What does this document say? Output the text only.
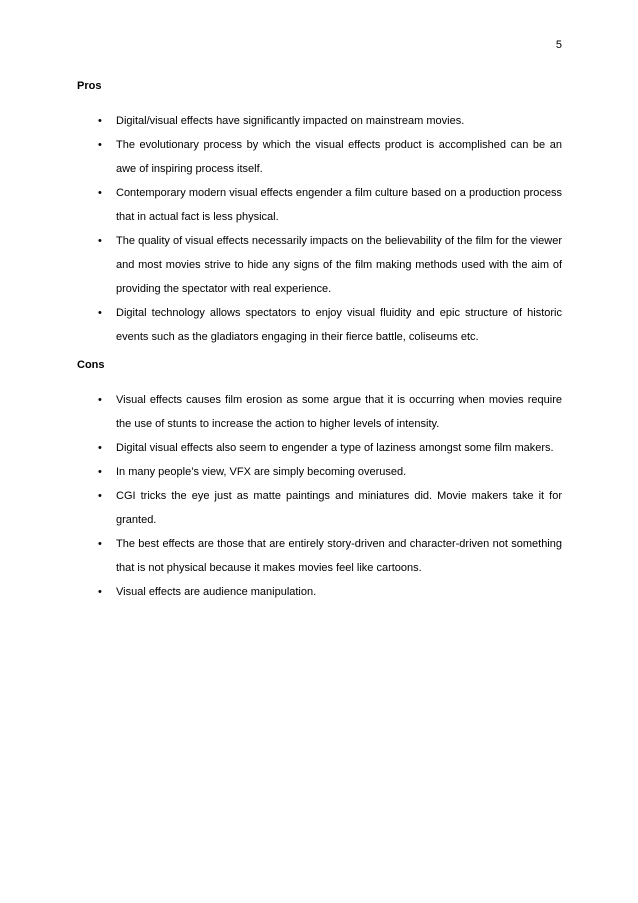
5
Pros
• Digital/visual effects have significantly impacted on mainstream movies.
• The evolutionary process by which the visual effects product is accomplished can be an awe of inspiring process itself.
• Contemporary modern visual effects engender a film culture based on a production process that in actual fact is less physical.
• The quality of visual effects necessarily impacts on the believability of the film for the viewer and most movies strive to hide any signs of the film making methods used with the aim of providing the spectator with real experience.
• Digital technology allows spectators to enjoy visual fluidity and epic structure of historic events such as the gladiators engaging in their fierce battle, coliseums etc.
Cons
• Visual effects causes film erosion as some argue that it is occurring when movies require the use of stunts to increase the action to higher levels of intensity.
• Digital visual effects also seem to engender a type of laziness amongst some film makers.
• In many people’s view, VFX are simply becoming overused.
• CGI tricks the eye just as matte paintings and miniatures did. Movie makers take it for granted.
• The best effects are those that are entirely story-driven and character-driven not something that is not physical because it makes movies feel like cartoons.
• Visual effects are audience manipulation.
